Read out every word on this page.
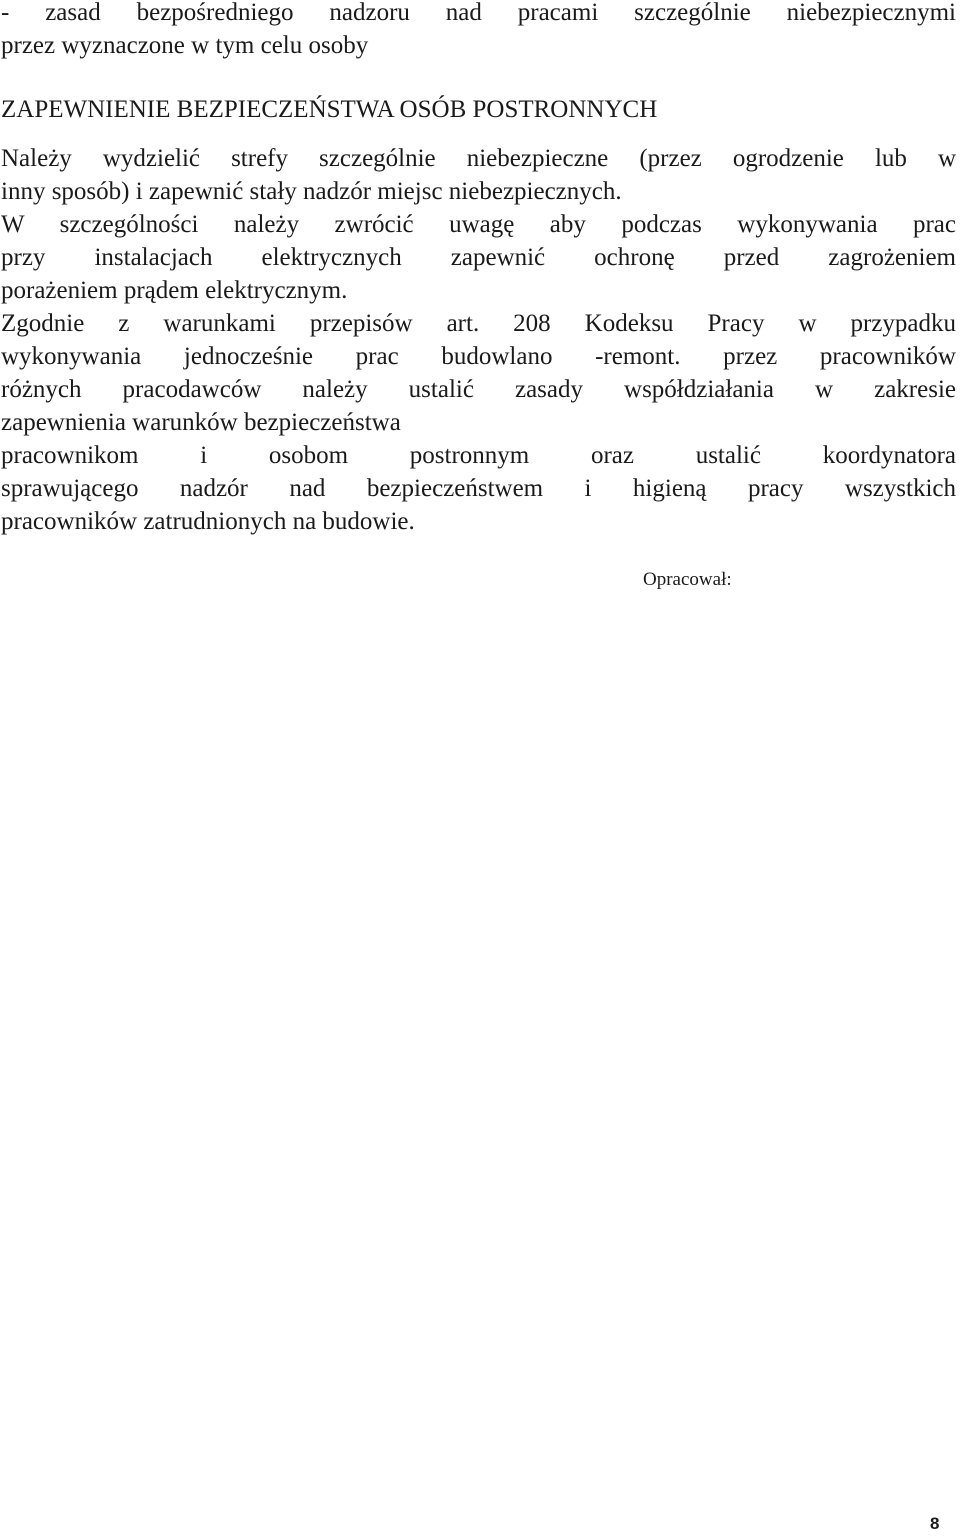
- zasad bezpośredniego nadzoru nad pracami szczególnie niebezpiecznymi
przez wyznaczone w tym celu osoby
ZAPEWNIENIE BEZPIECZEŃSTWA OSÓB POSTRONNYCH
Należy wydzielić strefy szczególnie niebezpieczne (przez ogrodzenie lub w
inny sposób) i zapewnić stały nadzór miejsc niebezpiecznych.
W szczególności należy zwrócić uwagę aby podczas wykonywania prac
przy instalacjach elektrycznych zapewnić ochronę przed zagrożeniem
porażeniem prądem elektrycznym.
Zgodnie z warunkami przepisów art. 208 Kodeksu Pracy w przypadku
wykonywania jednocześnie prac budowlano -remont. przez pracowników
różnych pracodawców należy ustalić zasady współdziałania w zakresie
zapewnienia warunków bezpieczeństwa
pracownikom i osobom postronnym oraz ustalić koordynatora
sprawującego nadzór nad bezpieczeństwem i higieną pracy wszystkich
pracowników zatrudnionych na budowie.
Opracował:
8
